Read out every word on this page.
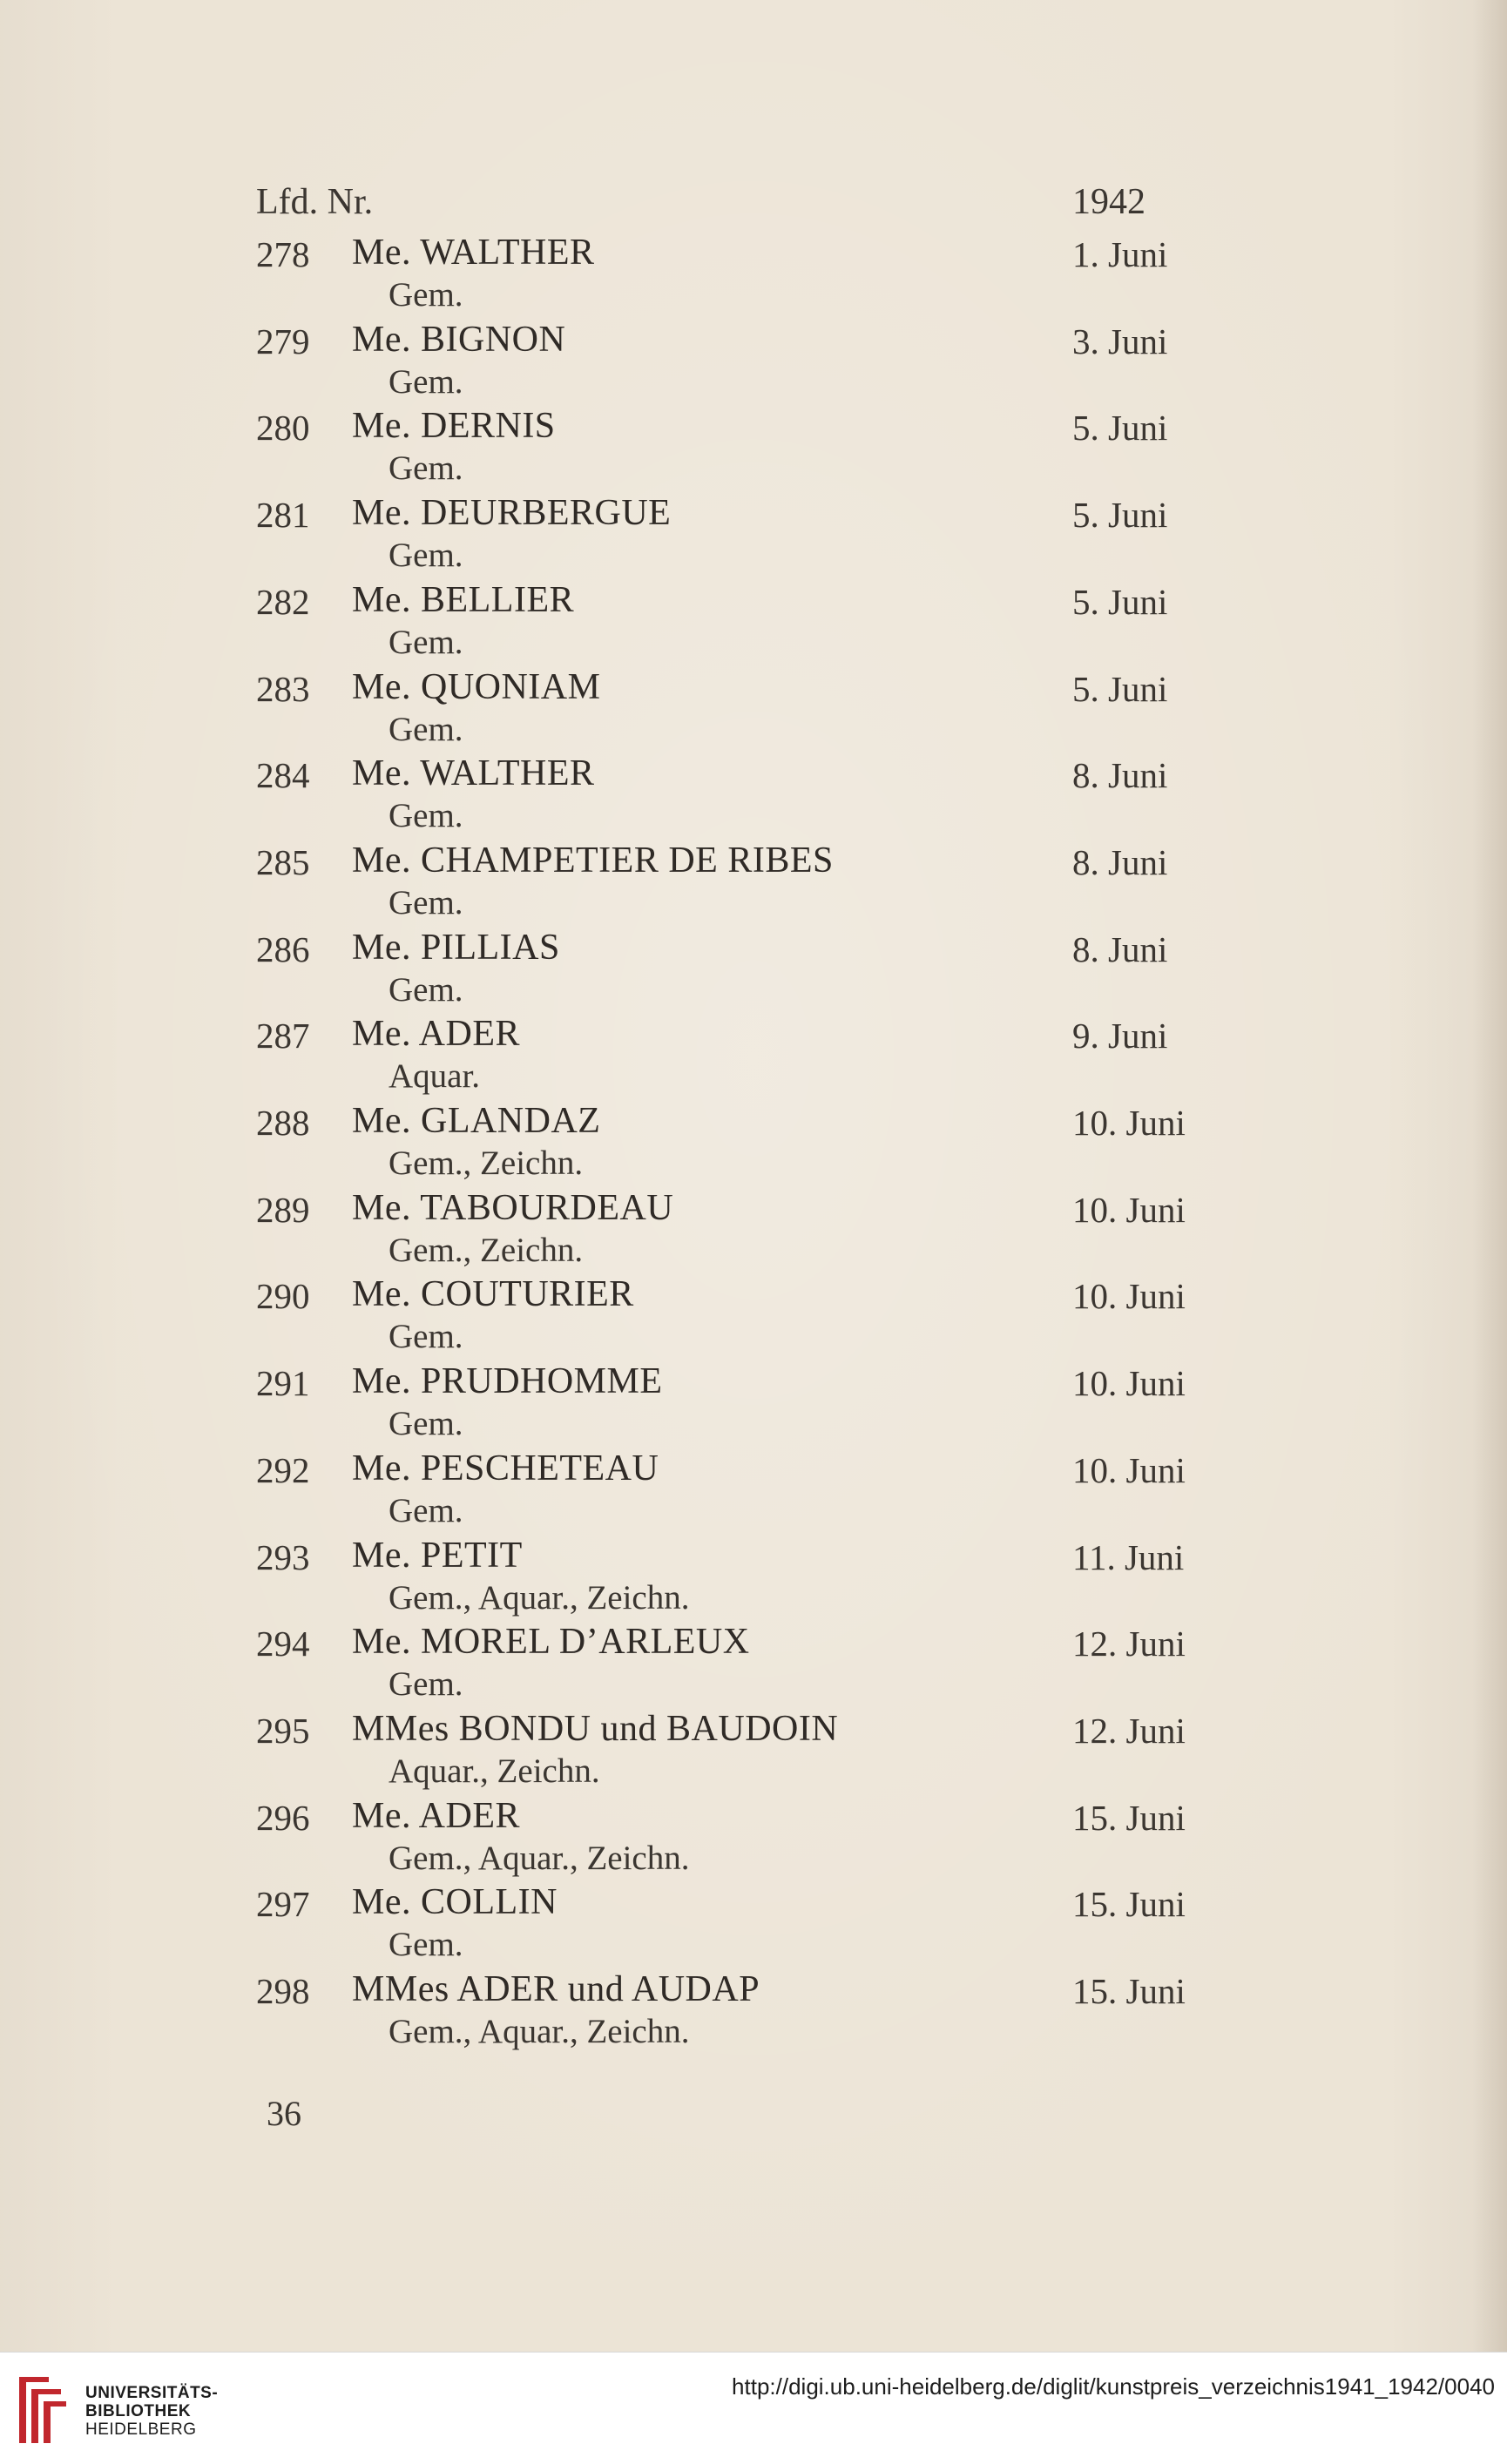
Lfd. Nr.	1942
278 Me. WALTHER	1. Juni
Gem.
279 Me. BIGNON	3. Juni
Gem.
280 Me. DERNIS	5. Juni
Gem.
281 Me. DEURBERGUE	5. Juni
Gem.
282 Me. BELLIER	5. Juni
Gem.
283 Me. QUONIAM	5. Juni
Gem.
284 Me. WALTHER	8. Juni
Gem.
285 Me. CHAMPETIER DE RIBES	8. Juni
Gem.
286 Me. PILLIAS	8. Juni
Gem.
287 Me. ADER	9. Juni
Aquar.
288 Me. GLANDAZ	10. Juni
Gem., Zeichn.
289 Me. TABOURDEAU	10. Juni
Gem., Zeichn.
290 Me. COUTURIER	10. Juni
Gem.
291 Me. PRUDHOMME	10. Juni
Gem.
292 Me. PESCHETEAU	10. Juni
Gem.
293 Me. PETIT	11. Juni
Gem., Aquar., Zeichn.
294 Me. MOREL D’ARLEUX	12. Juni
Gem.
295 MMes BONDU und BAUDOIN	12. Juni
Aquar., Zeichn.
296 Me. ADER	15. Juni
Gem., Aquar., Zeichn.
297 Me. COLLIN	15. Juni
Gem.
298 MMes ADER und AUDAP	15. Juni
Gem., Aquar., Zeichn.
36
UNIVERSITÄTS-
BIBLIOTHEK
HEIDELBERG
http://digi.ub.uni-heidelberg.de/diglit/kunstpreis_verzeichnis1941_1942/0040
